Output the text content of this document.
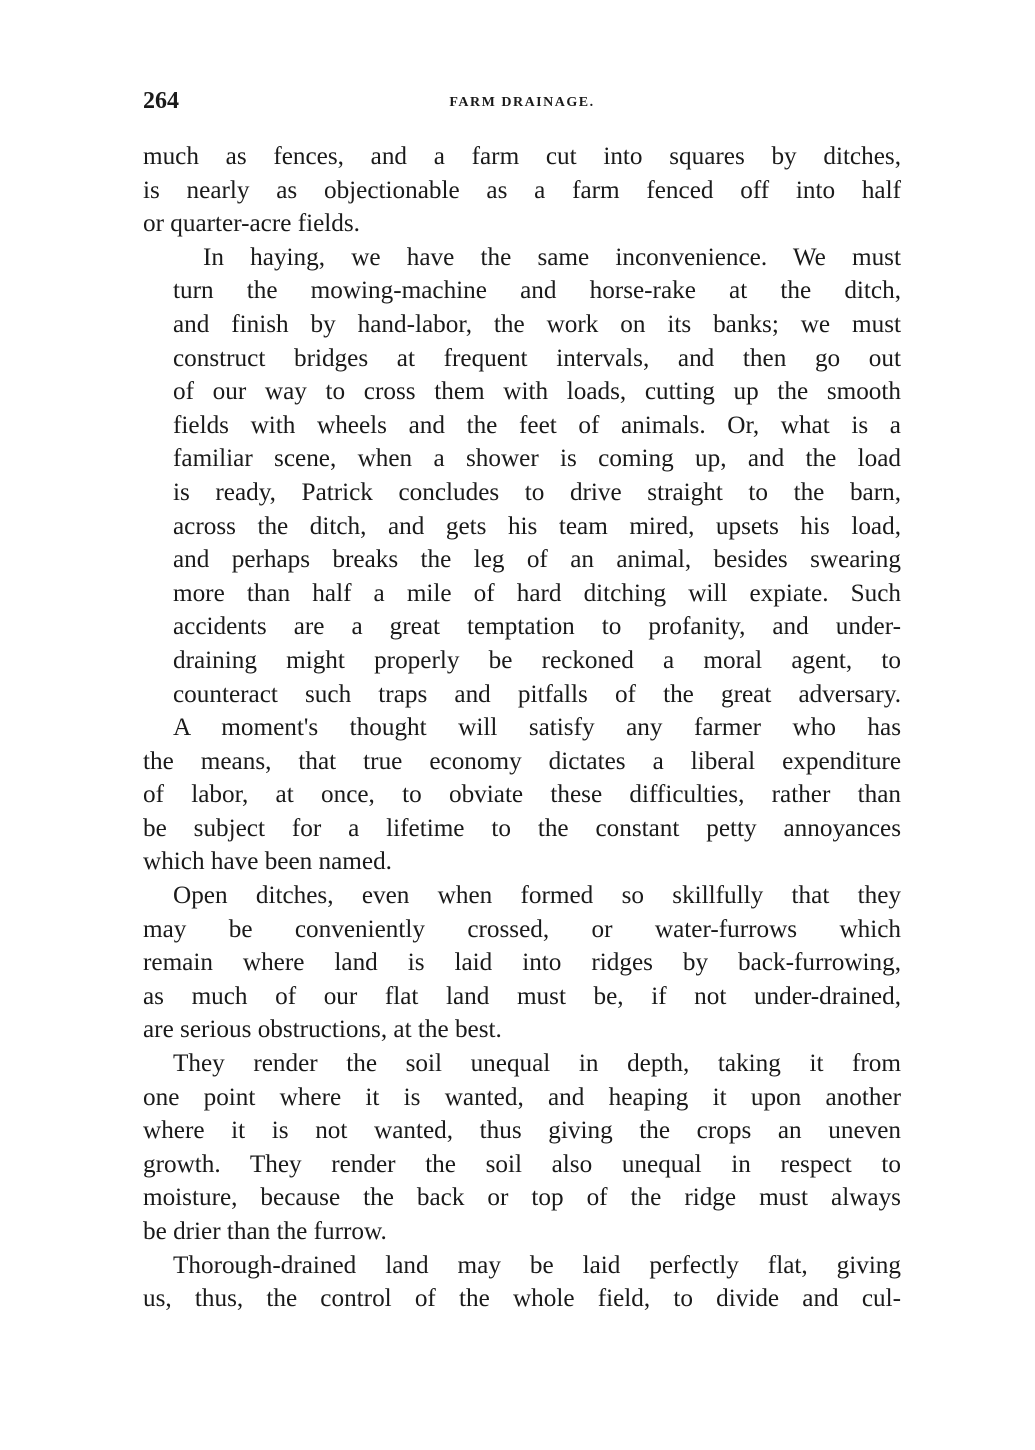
264	FARM DRAINAGE.

much as fences, and a farm cut into squares by ditches,
is nearly as objectionable as a farm fenced off into half
or quarter-acre fields.

In haying, we have the same inconvenience. We must
turn the mowing-machine and horse-rake at the ditch,
and finish by hand-labor, the work on its banks; we must
construct bridges at frequent intervals, and then go out
of our way to cross them with loads, cutting up the smooth
fields with wheels and the feet of animals. Or, what is a
familiar scene, when a shower is coming up, and the load
is ready, Patrick concludes to drive straight to the barn,
across the ditch, and gets his team mired, upsets his load,
and perhaps breaks the leg of an animal, besides swearing
more than half a mile of hard ditching will expiate. Such
accidents are a great temptation to profanity, and under-
draining might properly be reckoned a moral agent, to
counteract such traps and pitfalls of the great adversary.

A moment's thought will satisfy any farmer who has
the means, that true economy dictates a liberal expenditure
of labor, at once, to obviate these difficulties, rather than
be subject for a lifetime to the constant petty annoyances
which have been named.

Open ditches, even when formed so skillfully that they
may be conveniently crossed, or water-furrows which
remain where land is laid into ridges by back-furrowing,
as much of our flat land must be, if not under-drained,
are serious obstructions, at the best.

They render the soil unequal in depth, taking it from
one point where it is wanted, and heaping it upon another
where it is not wanted, thus giving the crops an uneven
growth. They render the soil also unequal in respect to
moisture, because the back or top of the ridge must always
be drier than the furrow.

Thorough-drained land may be laid perfectly flat, giving
us, thus, the control of the whole field, to divide and cul-
